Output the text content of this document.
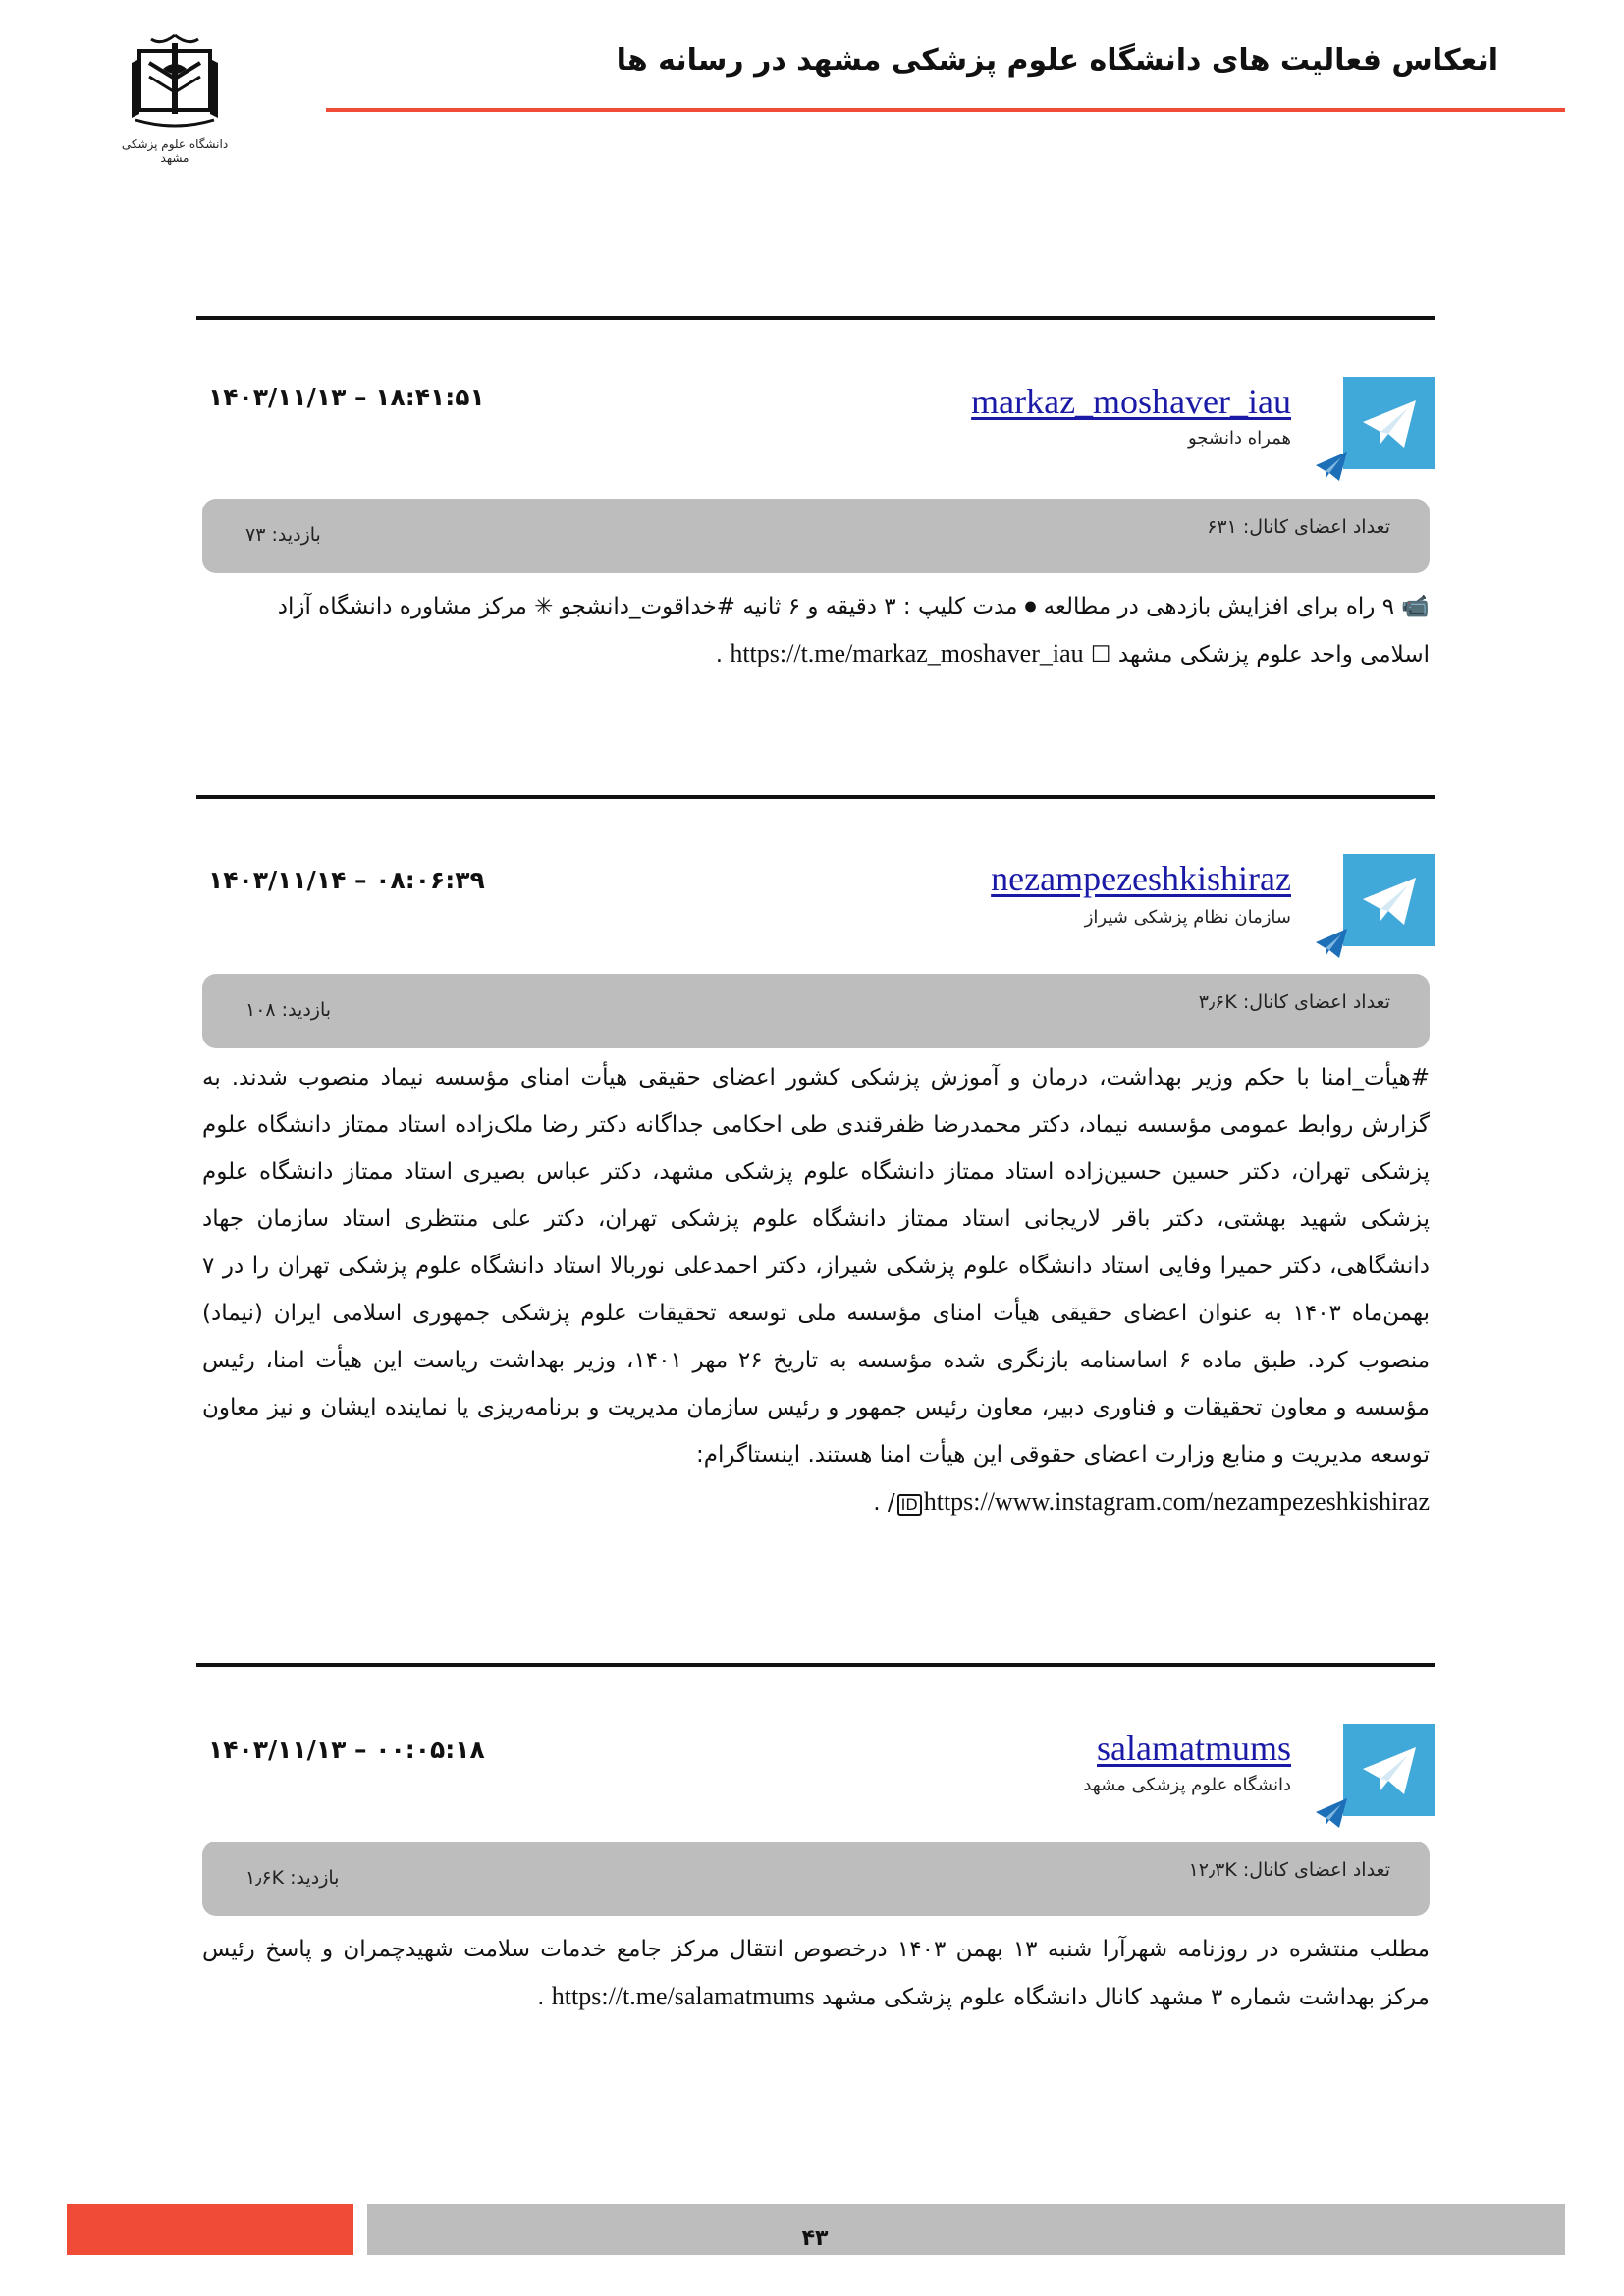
دانشگاه علوم پزشکی مشهد
انعکاس فعالیت های دانشگاه علوم پزشکی مشهد در رسانه ها
markaz_moshaver_iau
همراه دانشجو
۱۴۰۳/۱۱/۱۳ – ۱۸:۴۱:۵۱
تعداد اعضای کانال: ۶۳۱
بازدید: ۷۳
📹 ۹ راه برای افزایش بازدهی در مطالعه ⏺ مدت کلیپ : ۳ دقیقه و ۶ ثانیه #خداقوت_دانشجو ✳ مرکز مشاوره دانشگاه آزاد
اسلامی واحد علوم پزشکی مشهد ☐ https://t.me/markaz_moshaver_iau .
nezampezeshkishiraz
سازمان نظام پزشکی شیراز
۱۴۰۳/۱۱/۱۴ – ۰۸:۰۶:۳۹
تعداد اعضای کانال: ۳٫۶K
بازدید: ۱۰۸
#هیأت_امنا با حکم وزیر بهداشت، درمان و آموزش پزشکی کشور اعضای حقیقی هیأت امنای مؤسسه نیماد منصوب شدند. به گزارش روابط عمومی مؤسسه نیماد، دکتر محمدرضا ظفرقندی طی احکامی جداگانه دکتر رضا ملک‌زاده استاد ممتاز دانشگاه علوم پزشکی تهران، دکتر حسین حسین‌زاده استاد ممتاز دانشگاه علوم پزشکی مشهد، دکتر عباس بصیری استاد ممتاز دانشگاه علوم پزشکی شهید بهشتی، دکتر باقر لاریجانی استاد ممتاز دانشگاه علوم پزشکی تهران، دکتر علی منتظری استاد سازمان جهاد دانشگاهی، دکتر حمیرا وفایی استاد دانشگاه علوم پزشکی شیراز، دکتر احمدعلی نوربالا استاد دانشگاه علوم پزشکی تهران را در ۷ بهمن‌ماه ۱۴۰۳ به عنوان اعضای حقیقی هیأت امنای مؤسسه ملی توسعه تحقیقات علوم پزشکی جمهوری اسلامی ایران (نیماد) منصوب کرد. طبق ماده ۶ اساسنامه بازنگری شده مؤسسه به تاریخ ۲۶ مهر ۱۴۰۱، وزیر بهداشت ریاست این هیأت امنا، رئیس مؤسسه و معاون تحقیقات و فناوری دبیر، معاون رئیس جمهور و رئیس سازمان مدیریت و برنامه‌ریزی یا نماینده ایشان و نیز معاون توسعه مدیریت و منابع وزارت اعضای حقوقی این هیأت امنا هستند. اینستاگرام:
https://www.instagram.com/nezampezeshkishirazID/ .
salamatmums
دانشگاه علوم پزشکی مشهد
۱۴۰۳/۱۱/۱۳ – ۰۰:۰۵:۱۸
تعداد اعضای کانال: ۱۲٫۳K
بازدید: ۱٫۶K
مطلب منتشره در روزنامه شهرآرا شنبه ۱۳ بهمن ۱۴۰۳ درخصوص انتقال مرکز جامع خدمات سلامت شهیدچمران و پاسخ رئیس مرکز بهداشت شماره ۳ مشهد کانال دانشگاه علوم پزشکی مشهد https://t.me/salamatmums .
۴۳
